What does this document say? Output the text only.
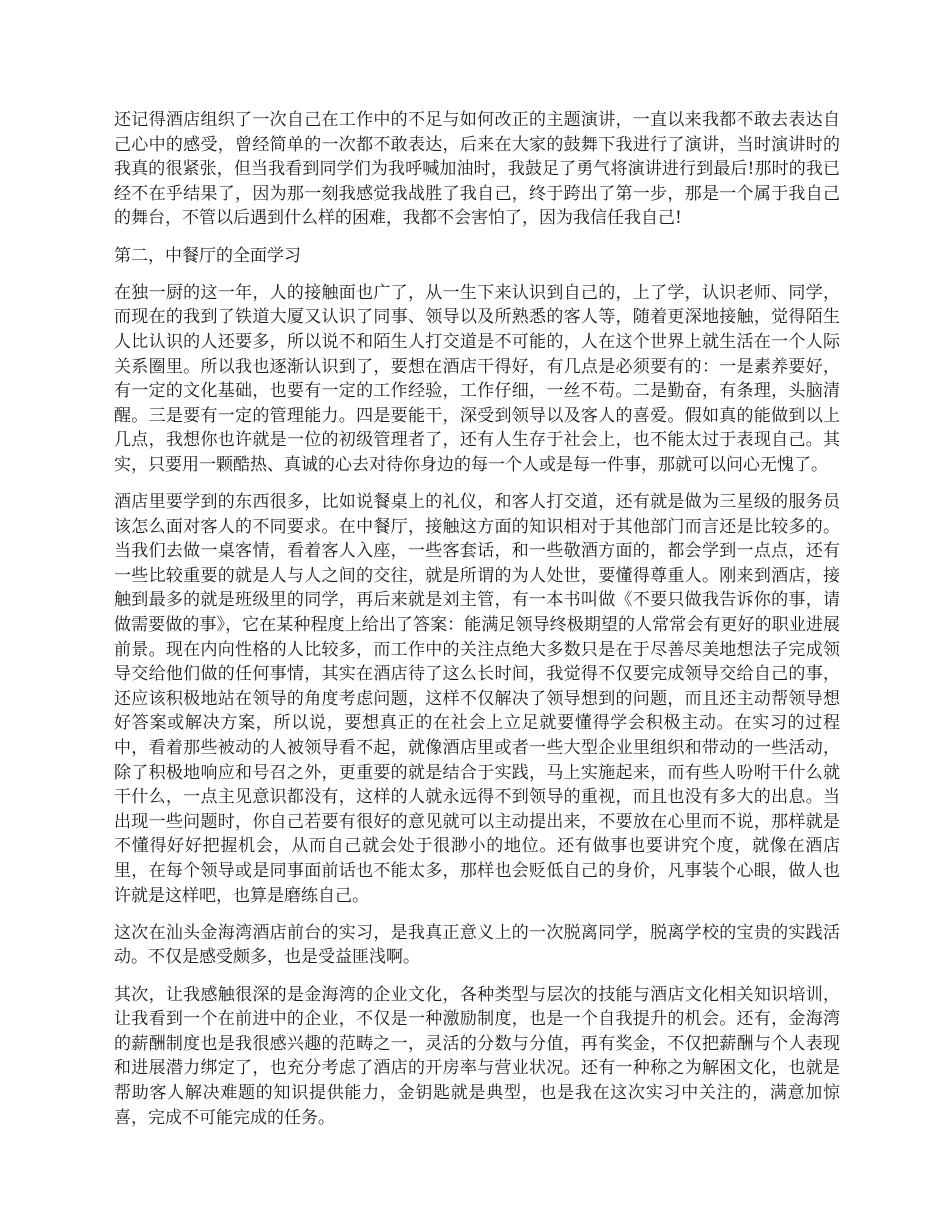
还记得酒店组织了一次自己在工作中的不足与如何改正的主题演讲，一直以来我都不敢去表达自己心中的感受，曾经简单的一次都不敢表达，后来在大家的鼓舞下我进行了演讲，当时演讲时的我真的很紧张，但当我看到同学们为我呼喊加油时，我鼓足了勇气将演讲进行到最后!那时的我已经不在乎结果了，因为那一刻我感觉我战胜了我自己，终于跨出了第一步，那是一个属于我自己的舞台，不管以后遇到什么样的困难，我都不会害怕了，因为我信任我自己!

第二，中餐厅的全面学习

在独一厨的这一年，人的接触面也广了，从一生下来认识到自己的，上了学，认识老师、同学，而现在的我到了铁道大厦又认识了同事、领导以及所熟悉的客人等，随着更深地接触，觉得陌生人比认识的人还要多，所以说不和陌生人打交道是不可能的，人在这个世界上就生活在一个人际关系圈里。所以我也逐渐认识到了，要想在酒店干得好，有几点是必须要有的：一是素养要好，有一定的文化基础，也要有一定的工作经验，工作仔细，一丝不苟。二是勤奋，有条理，头脑清醒。三是要有一定的管理能力。四是要能干，深受到领导以及客人的喜爱。假如真的能做到以上几点，我想你也许就是一位的初级管理者了，还有人生存于社会上，也不能太过于表现自己。其实，只要用一颗酷热、真诚的心去对待你身边的每一个人或是每一件事，那就可以问心无愧了。

酒店里要学到的东西很多，比如说餐桌上的礼仪，和客人打交道，还有就是做为三星级的服务员该怎么面对客人的不同要求。在中餐厅，接触这方面的知识相对于其他部门而言还是比较多的。当我们去做一桌客情，看着客人入座，一些客套话，和一些敬酒方面的，都会学到一点点，还有一些比较重要的就是人与人之间的交往，就是所谓的为人处世，要懂得尊重人。刚来到酒店，接触到最多的就是班级里的同学，再后来就是刘主管，有一本书叫做《不要只做我告诉你的事，请做需要做的事》，它在某种程度上给出了答案：能满足领导终极期望的人常常会有更好的职业进展前景。现在内向性格的人比较多，而工作中的关注点绝大多数只是在于尽善尽美地想法子完成领导交给他们做的任何事情，其实在酒店待了这么长时间，我觉得不仅要完成领导交给自己的事，还应该积极地站在领导的角度考虑问题，这样不仅解决了领导想到的问题，而且还主动帮领导想好答案或解决方案，所以说，要想真正的在社会上立足就要懂得学会积极主动。在实习的过程中，看着那些被动的人被领导看不起，就像酒店里或者一些大型企业里组织和带动的一些活动，除了积极地响应和号召之外，更重要的就是结合于实践，马上实施起来，而有些人吩咐干什么就干什么，一点主见意识都没有，这样的人就永远得不到领导的重视，而且也没有多大的出息。当出现一些问题时，你自己若要有很好的意见就可以主动提出来，不要放在心里而不说，那样就是不懂得好好把握机会，从而自己就会处于很渺小的地位。还有做事也要讲究个度，就像在酒店里，在每个领导或是同事面前话也不能太多，那样也会贬低自己的身价，凡事装个心眼，做人也许就是这样吧，也算是磨练自己。

这次在汕头金海湾酒店前台的实习，是我真正意义上的一次脱离同学，脱离学校的宝贵的实践活动。不仅是感受颇多，也是受益匪浅啊。

其次，让我感触很深的是金海湾的企业文化，各种类型与层次的技能与酒店文化相关知识培训，让我看到一个在前进中的企业，不仅是一种激励制度，也是一个自我提升的机会。还有，金海湾的薪酬制度也是我很感兴趣的范畴之一，灵活的分数与分值，再有奖金，不仅把薪酬与个人表现和进展潜力绑定了，也充分考虑了酒店的开房率与营业状况。还有一种称之为解困文化，也就是帮助客人解决难题的知识提供能力，金钥匙就是典型，也是我在这次实习中关注的，满意加惊喜，完成不可能完成的任务。
